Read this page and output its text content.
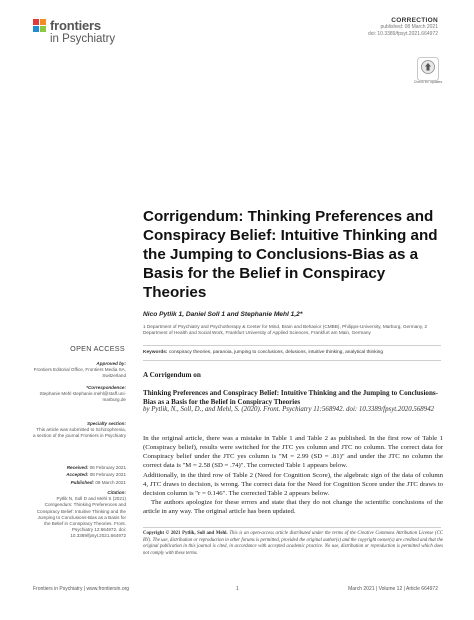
frontiers
in Psychiatry
CORRECTION
published: 08 March 2021
doi: 10.3389/fpsyt.2021.664972
Check for updates
Corrigendum: Thinking Preferences and Conspiracy Belief: Intuitive Thinking and the Jumping to Conclusions-Bias as a Basis for the Belief in Conspiracy Theories
Nico Pytlik 1, Daniel Soll 1 and Stephanie Mehl 1,2*
1 Department of Psychiatry and Psychotherapy & Center for Mind, Brain and Behavior (CMBB), Philipps-University, Marburg, Germany, 2 Department of Health and Social Work, Frankfurt University of Applied Sciences, Frankfurt am Main, Germany
Keywords: conspiracy theories, paranoia, jumping to conclusions, delusions, intuitive thinking, analytical thinking
OPEN ACCESS
Approved by:
Frontiers Editorial Office, Frontiers Media SA, Switzerland
*Correspondence:
Stephanie Mehl stephanie.mehl@staff.uni-marburg.de
Specialty section:
This article was submitted to Schizophrenia, a section of the journal Frontiers in Psychiatry
Received: 06 February 2021
Accepted: 08 February 2021
Published: 08 March 2021
Citation:
Pytlik N, Soll D and Mehl S (2021) Corrigendum: Thinking Preferences and Conspiracy Belief: Intuitive Thinking and the Jumping to Conclusions-Bias as a Basis for the Belief in Conspiracy Theories. Front. Psychiatry 12:664972. doi: 10.3389/fpsyt.2021.664972
A Corrigendum on
Thinking Preferences and Conspiracy Belief: Intuitive Thinking and the Jumping to Conclusions-Bias as a Basis for the Belief in Conspiracy Theories
by Pytlik, N., Soll, D., and Mehl, S. (2020). Front. Psychiatry 11:568942. doi: 10.3389/fpsyt.2020.568942

In the original article, there was a mistake in Table 1 and Table 2 as published. In the first row of Table 1 (Conspiracy belief), results were switched for the JTC yes column and JTC no column. The correct data for Conspiracy belief under the JTC yes column is "M = 2.99 (SD = .81)" and under the JTC no column the correct data is "M = 2.58 (SD = .74)". The corrected Table 1 appears below.

Additionally, in the third row of Table 2 (Need for Cognition Score), the algebraic sign of the data of column 4, JTC draws to decision, is wrong. The correct data for the Need for Cognition Score under the JTC draws to decision column is "r = 0.146". The corrected Table 2 appears below.

The authors apologize for these errors and state that they do not change the scientific conclusions of the article in any way. The original article has been updated.

Copyright © 2021 Pytlik, Soll and Mehl. This is an open-access article distributed under the terms of the Creative Commons Attribution License (CC BY). The use, distribution or reproduction in other forums is permitted, provided the original author(s) and the copyright owner(s) are credited and that the original publication in this journal is cited, in accordance with accepted academic practice. No use, distribution or reproduction is permitted which does not comply with these terms.
Frontiers in Psychiatry | www.frontiersin.org	1	March 2021 | Volume 12 | Article 664972
